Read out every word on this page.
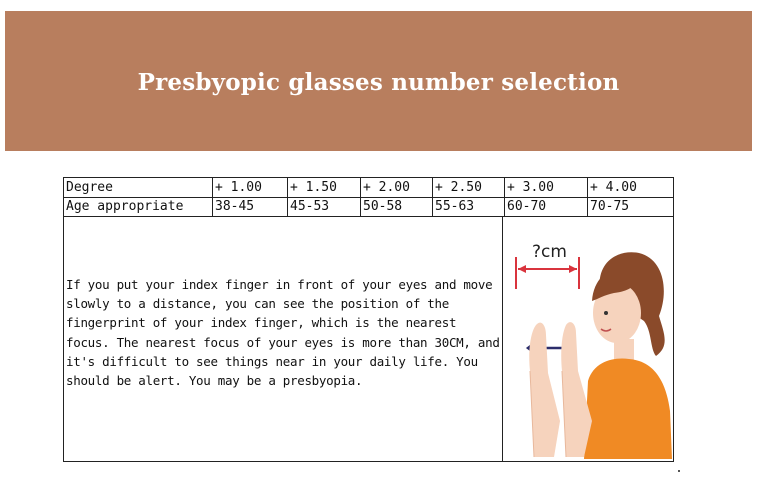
Presbyopic glasses number selection
Degree	+ 1.00	+ 1.50	+ 2.00	+ 2.50	+ 3.00	+ 4.00
Age appropriate	38-45	45-53	50-58	55-63	60-70	70-75
If you put your index finger in front of your eyes and move slowly to a distance, you can see the position of the fingerprint of your index finger, which is the nearest focus. The nearest focus of your eyes is more than 30CM, and it's difficult to see things near in your daily life. You should be alert. You may be a presbyopia.
?cm
